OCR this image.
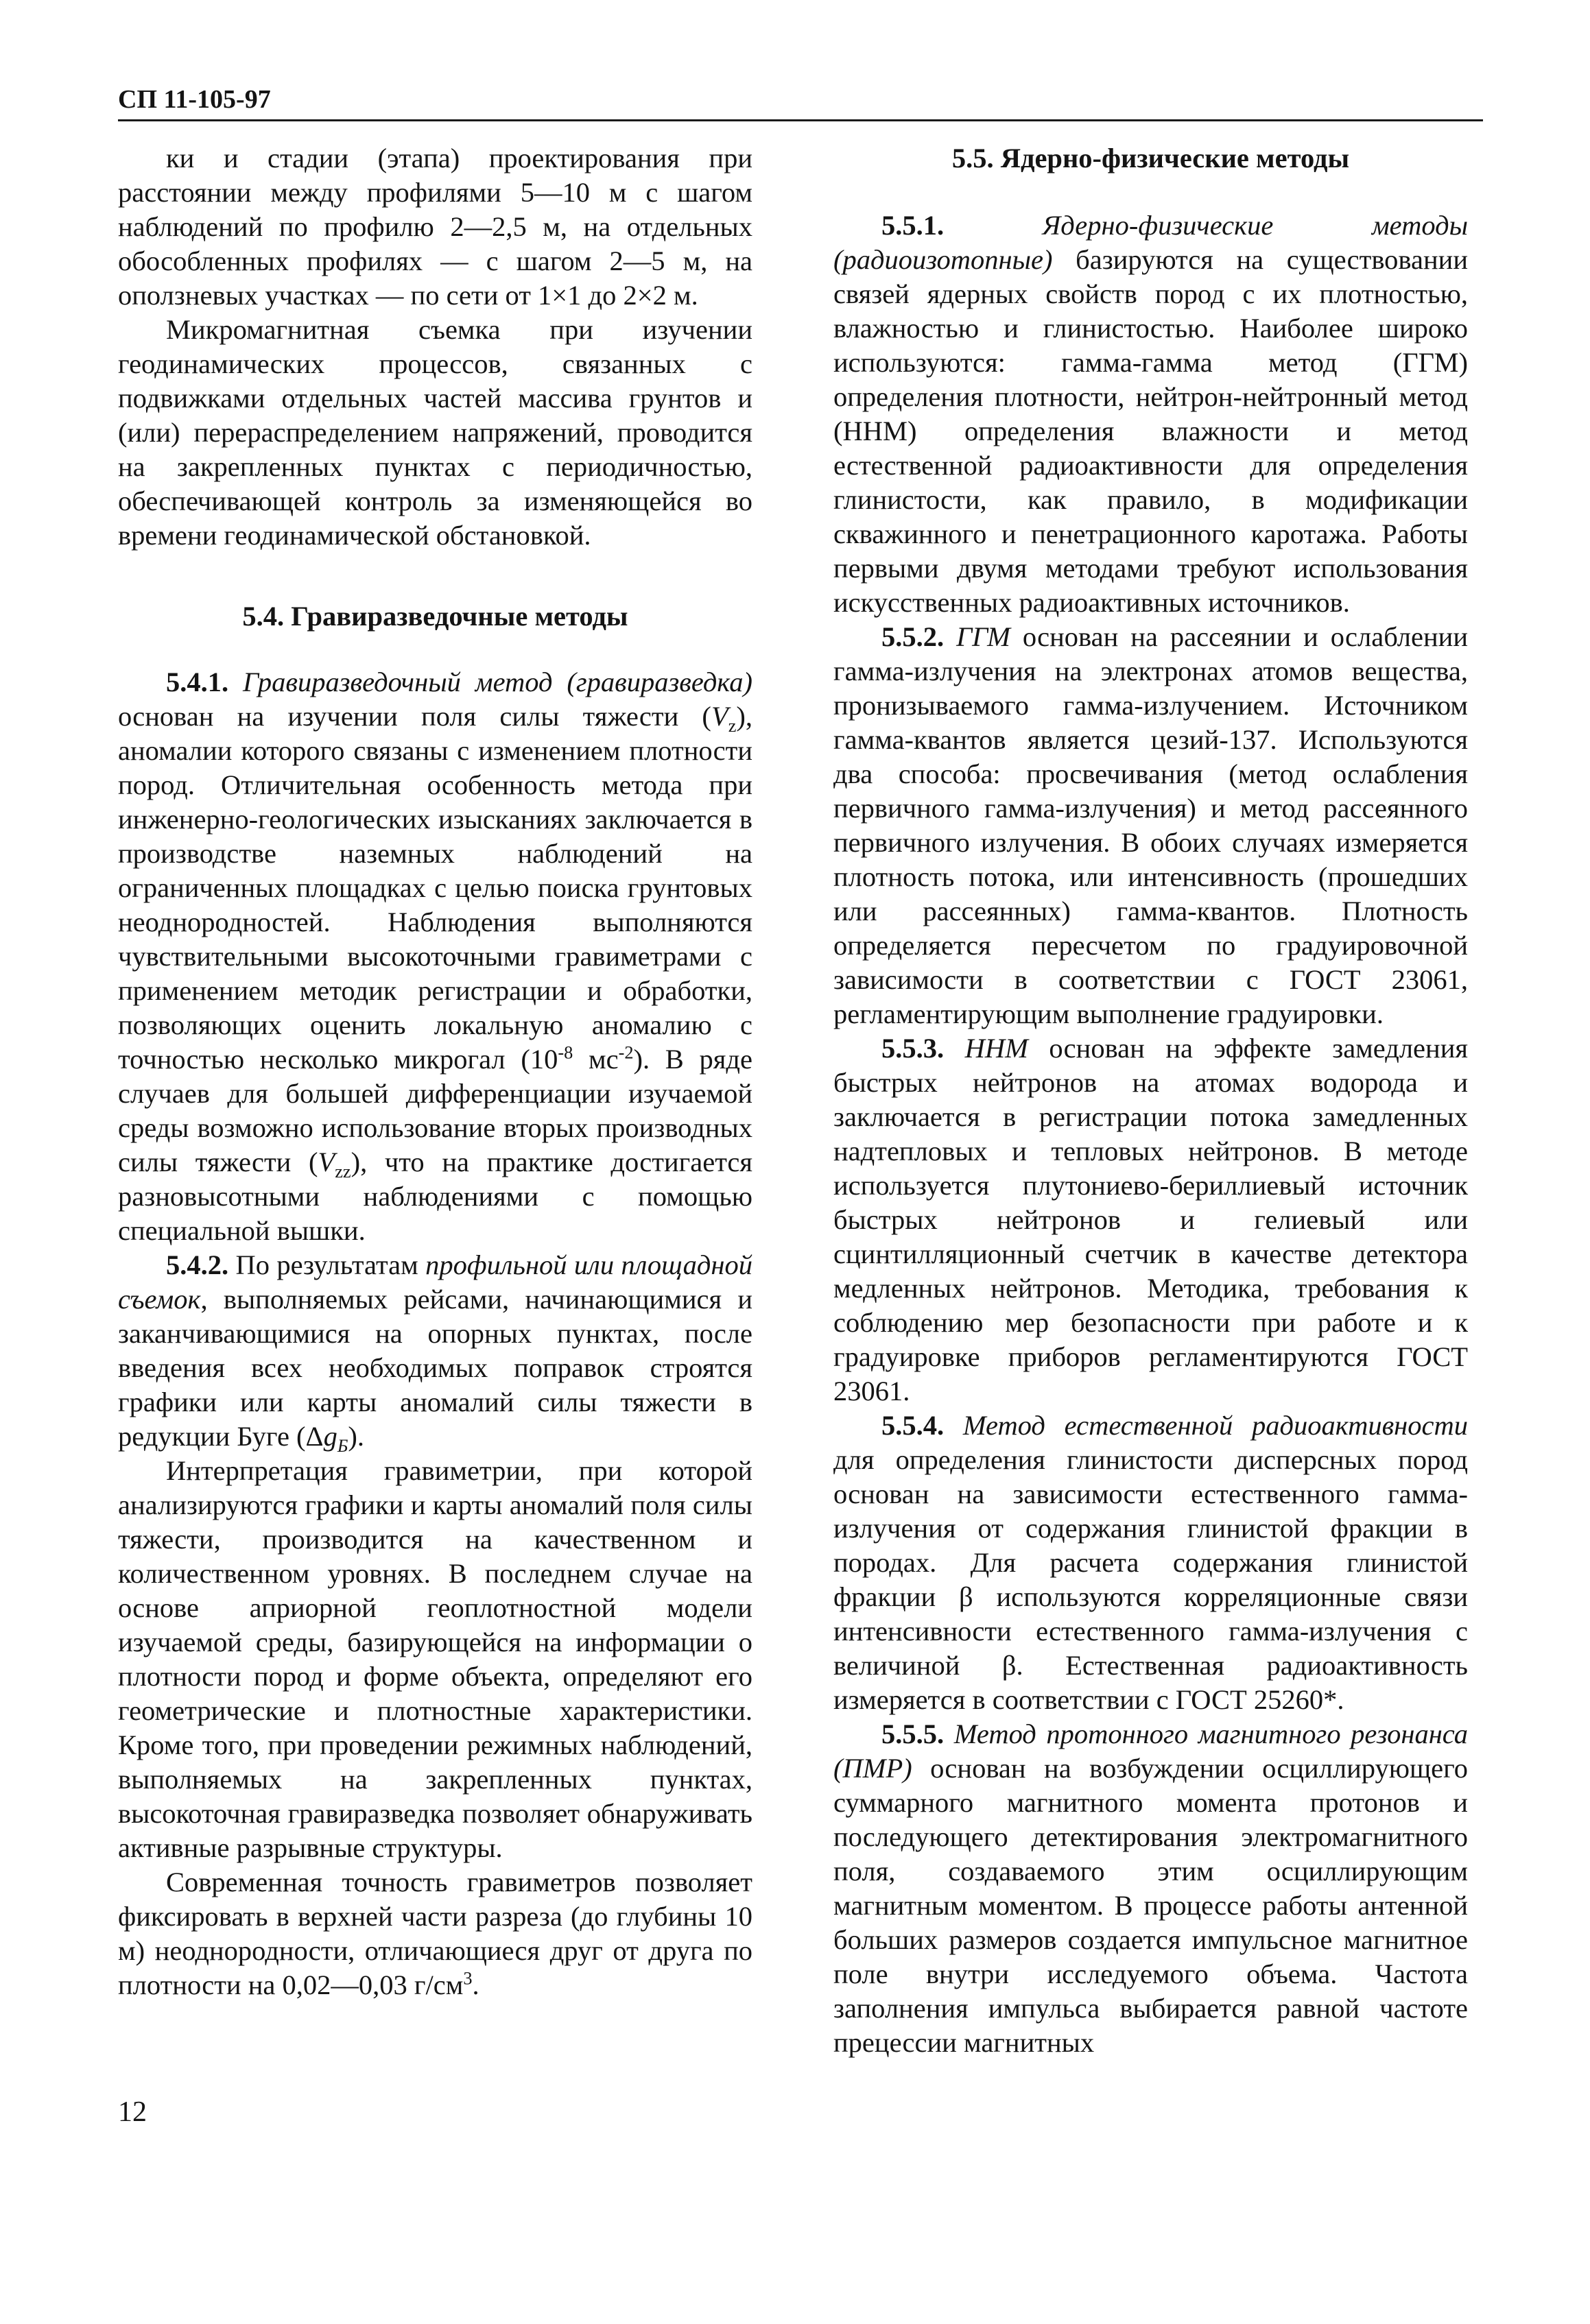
СП 11-105-97

ки и стадии (этапа) проектирования при расстоянии между профилями 5—10 м с шагом наблюдений по профилю 2—2,5 м, на отдельных обособленных профилях — с шагом 2—5 м, на оползневых участках — по сети от 1×1 до 2×2 м.

Микромагнитная съемка при изучении геодинамических процессов, связанных с подвижками отдельных частей массива грунтов и (или) перераспределением напряжений, проводится на закрепленных пунктах с периодичностью, обеспечивающей контроль за изменяющейся во времени геодинамической обстановкой.

5.4. Гравиразведочные методы

5.4.1. Гравиразведочный метод (гравиразведка) основан на изучении поля силы тяжести $(V_z)$, аномалии которого связаны с изменением плотности пород. Отличительная особенность метода при инженерно-геологических изысканиях заключается в производстве наземных наблюдений на ограниченных площадках с целью поиска грунтовых неоднородностей. Наблюдения выполняются чувствительными высокоточными гравиметрами с применением методик регистрации и обработки, позволяющих оценить локальную аномалию с точностью несколько микрогал ($10^{-8}$ $мс^{-2}$). В ряде случаев для большей дифференциации изучаемой среды возможно использование вторых производных силы тяжести $(V_{zz})$, что на практике достигается разновысотными наблюдениями с помощью специальной вышки.

5.4.2. По результатам профильной или площадной съемок, выполняемых рейсами, начинающимися и заканчивающимися на опорных пунктах, после введения всех необходимых поправок строятся графики или карты аномалий силы тяжести в редукции Буге $(\Delta g_Б)$.

Интерпретация гравиметрии, при которой анализируются графики и карты аномалий поля силы тяжести, производится на качественном и количественном уровнях. В последнем случае на основе априорной геоплотностной модели изучаемой среды, базирующейся на информации о плотности пород и форме объекта, определяют его геометрические и плотностные характеристики. Кроме того, при проведении режимных наблюдений, выполняемых на закрепленных пунктах, высокоточная гравиразведка позволяет обнаруживать активные разрывные структуры.

Современная точность гравиметров позволяет фиксировать в верхней части разреза (до глубины 10 м) неоднородности, отличающиеся друг от друга по плотности на 0,02—0,03 $г/см^3$.

5.5. Ядерно-физические методы

5.5.1.	Ядерно-физические методы (радиоизотопные) базируются на существовании связей ядерных свойств пород с их плотностью, влажностью и глинистостью. Наиболее широко используются: гамма-гамма метод (ГГМ) определения плотности, нейтрон-нейтронный метод (ННМ) определения влажности и метод естественной радиоактивности для определения глинистости, как правило, в модификации скважинного и пенетрационного каротажа. Работы первыми двумя методами требуют использования искусственных радиоактивных источников.

5.5.2. ГГМ основан на рассеянии и ослаблении гамма-излучения на электронах атомов вещества, пронизываемого гамма-излучением. Источником гамма-квантов является цезий-137. Используются два способа: просвечивания (метод ослабления первичного гамма-излучения) и метод рассеянного первичного излучения. В обоих случаях измеряется плотность потока, или интенсивность (прошедших или рассеянных) гамма-квантов. Плотность определяется пересчетом по градуировочной зависимости в соответствии с ГОСТ 23061, регламентирующим выполнение градуировки.

5.5.3. ННМ основан на эффекте замедления быстрых нейтронов на атомах водорода и заключается в регистрации потока замедленных надтепловых и тепловых нейтронов. В методе используется плутониево-бериллиевый источник быстрых нейтронов и гелиевый или сцинтилляционный счетчик в качестве детектора медленных нейтронов. Методика, требования к соблюдению мер безопасности при работе и к градуировке приборов регламентируются ГОСТ 23061.

5.5.4. Метод естественной радиоактивности для определения глинистости дисперсных пород основан на зависимости естественного гамма-излучения от содержания глинистой фракции в породах. Для расчета содержания глинистой фракции β используются корреляционные связи интенсивности естественного гамма-излучения с величиной β. Естественная радиоактивность измеряется в соответствии с ГОСТ 25260*.

5.5.5. Метод протонного магнитного резонанса (ПМР) основан на возбуждении осциллирующего суммарного магнитного момента протонов и последующего детектирования электромагнитного поля, создаваемого этим осциллирующим магнитным моментом. В процессе работы антенной больших размеров создается импульсное магнитное поле внутри исследуемого объема. Частота заполнения импульса выбирается равной частоте прецессии магнитных

12
